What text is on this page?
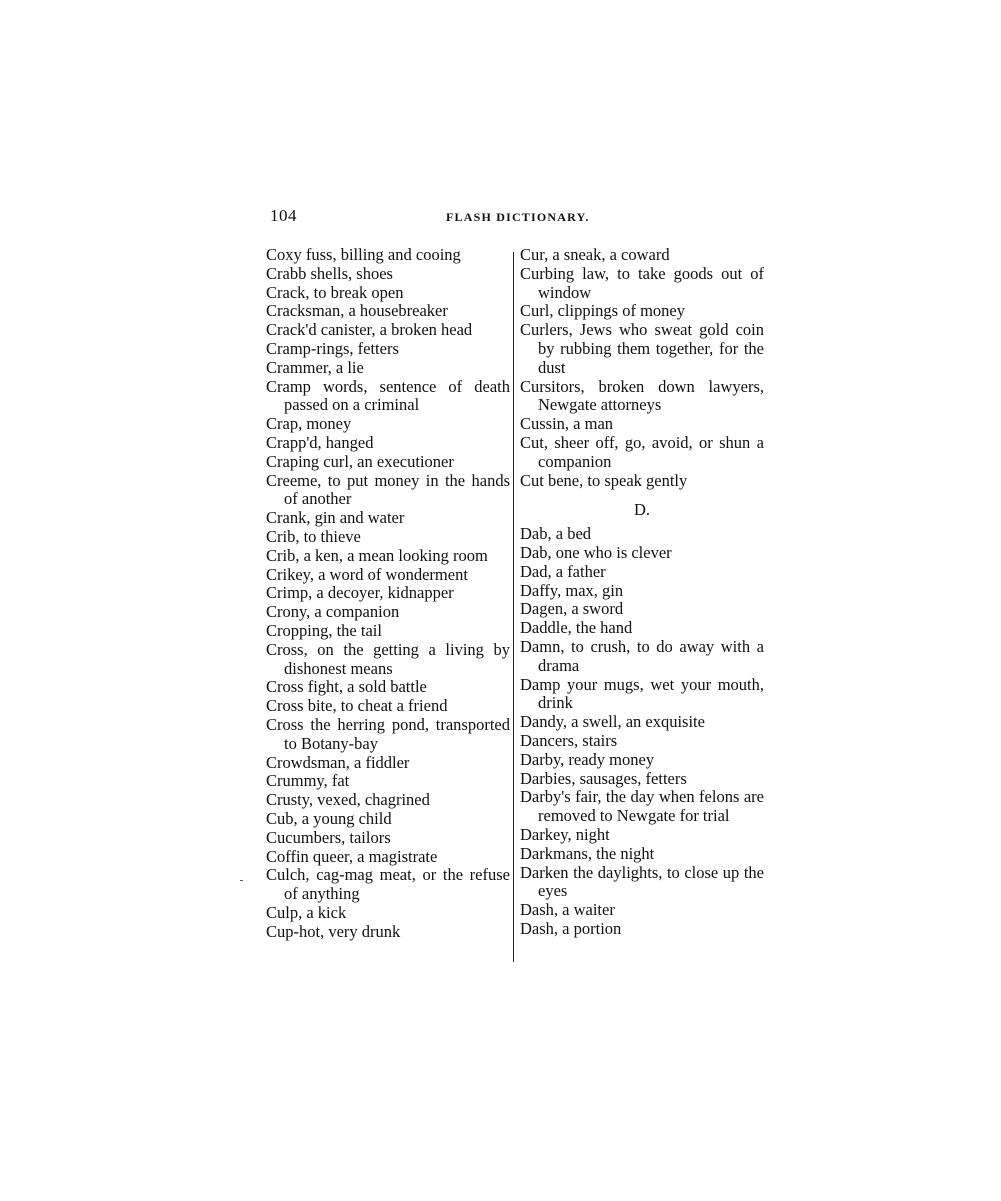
104	FLASH DICTIONARY.

Coxy fuss, billing and cooing

Crabb shells, shoes

Crack, to break open

Cracksman, a housebreaker

Crack'd canister, a broken head

Cramp-rings, fetters

Crammer, a lie

Cramp words, sentence of death passed on a criminal

Crap, money

Crapp'd, hanged

Craping curl, an executioner

Creeme, to put money in the hands of another

Crank, gin and water

Crib, to thieve

Crib, a ken, a mean looking room

Crikey, a word of wonderment

Crimp, a decoyer, kidnapper

Crony, a companion

Cropping, the tail

Cross, on the getting a living by dishonest means

Cross fight, a sold battle

Cross bite, to cheat a friend

Cross the herring pond, transported to Botany-bay

Crowdsman, a fiddler

Crummy, fat

Crusty, vexed, chagrined

Cub, a young child

Cucumbers, tailors

Coffin queer, a magistrate

Culch, cag-mag meat, or the refuse of anything

Culp, a kick

Cup-hot, very drunk

Cur, a sneak, a coward

Curbing law, to take goods out of window

Curl, clippings of money

Curlers, Jews who sweat gold coin by rubbing them together, for the dust

Cursitors, broken down lawyers, Newgate attorneys

Cussin, a man

Cut, sheer off, go, avoid, or shun a companion

Cut bene, to speak gently

D.

Dab, a bed

Dab, one who is clever

Dad, a father

Daffy, max, gin

Dagen, a sword

Daddle, the hand

Damn, to crush, to do away with a drama

Damp your mugs, wet your mouth, drink

Dandy, a swell, an exquisite

Dancers, stairs

Darby, ready money

Darbies, sausages, fetters

Darby's fair, the day when felons are removed to Newgate for trial

Darkey, night

Darkmans, the night

Darken the daylights, to close up the eyes

Dash, a waiter

Dash, a portion
